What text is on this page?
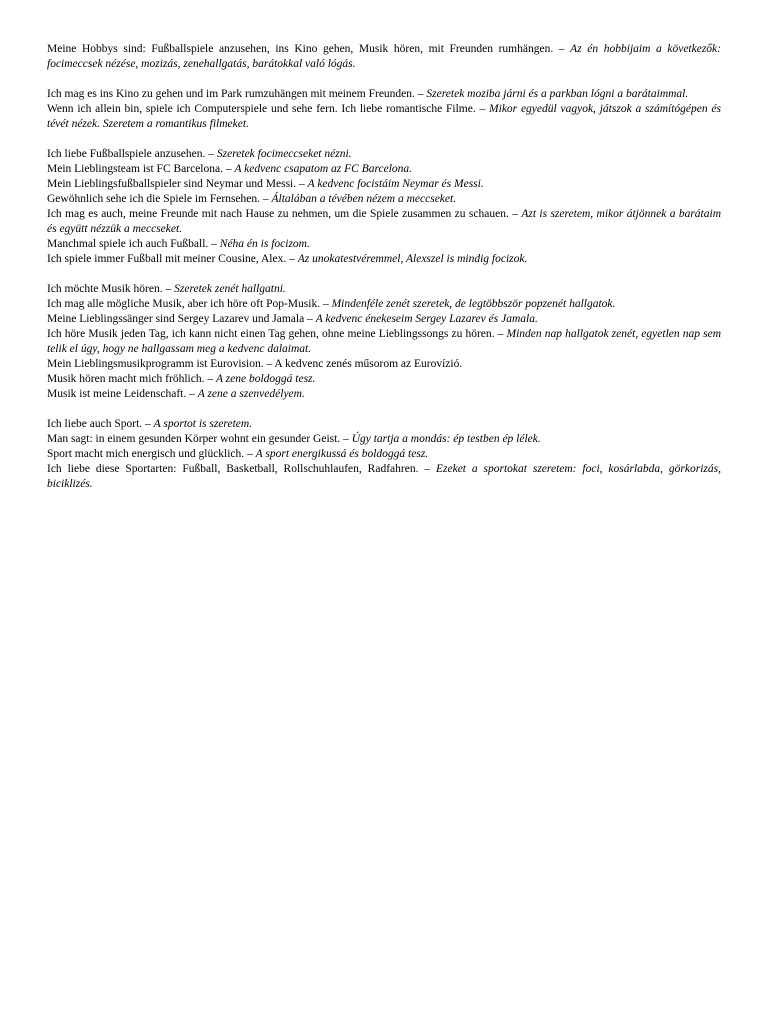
Meine Hobbys sind: Fußballspiele anzusehen, ins Kino gehen, Musik hören, mit Freunden rumhängen. – Az én hobbijaim a következők: focimeccsek nézése, mozizás, zenehallgatás, barátokkal való lógás.

Ich mag es ins Kino zu gehen und im Park rumzuhängen mit meinem Freunden. – Szeretek moziba járni és a parkban lógni a barátaimmal.

Wenn ich allein bin, spiele ich Computerspiele und sehe fern. Ich liebe romantische Filme. – Mikor egyedül vagyok, játszok a számítógépen és tévét nézek. Szeretem a romantikus filmeket.

Ich liebe Fußballspiele anzusehen. – Szeretek focimeccseket nézni.

Mein Lieblingsteam ist FC Barcelona. – A kedvenc csapatom az FC Barcelona.

Mein Lieblingsfußballspieler sind Neymar und Messi. – A kedvenc focistáim Neymar és Messi.

Gewöhnlich sehe ich die Spiele im Fernsehen. – Általában a tévében nézem a meccseket.

Ich mag es auch, meine Freunde mit nach Hause zu nehmen, um die Spiele zusammen zu schauen. – Azt is szeretem, mikor átjönnek a barátaim és együtt nézzük a meccseket.

Manchmal spiele ich auch Fußball. – Néha én is focizom.

Ich spiele immer Fußball mit meiner Cousine, Alex. – Az unokatestvéremmel, Alexszel is mindig focizok.

Ich möchte Musik hören. – Szeretek zenét hallgatni.

Ich mag alle mögliche Musik, aber ich höre oft Pop-Musik. – Mindenféle zenét szeretek, de legtöbbször popzenét hallgatok.

Meine Lieblingssänger sind Sergey Lazarev und Jamala – A kedvenc énekeseim Sergey Lazarev és Jamala.

Ich höre Musik jeden Tag, ich kann nicht einen Tag gehen, ohne meine Lieblingssongs zu hören. – Minden nap hallgatok zenét, egyetlen nap sem telik el úgy, hogy ne hallgassam meg a kedvenc dalaimat.

Mein Lieblingsmusikprogramm ist Eurovision. – A kedvenc zenés műsorom az Eurovízió.

Musik hören macht mich fröhlich. – A zene boldoggá tesz.

Musik ist meine Leidenschaft. – A zene a szenvedélyem.

Ich liebe auch Sport. – A sportot is szeretem.

Man sagt: in einem gesunden Körper wohnt ein gesunder Geist. – Úgy tartja a mondás: ép testben ép lélek.

Sport macht mich energisch und glücklich. – A sport energikussá és boldoggá tesz.

Ich liebe diese Sportarten: Fußball, Basketball, Rollschuhlaufen, Radfahren. – Ezeket a sportokat szeretem: foci, kosárlabda, görkorizás, biciklizés.
